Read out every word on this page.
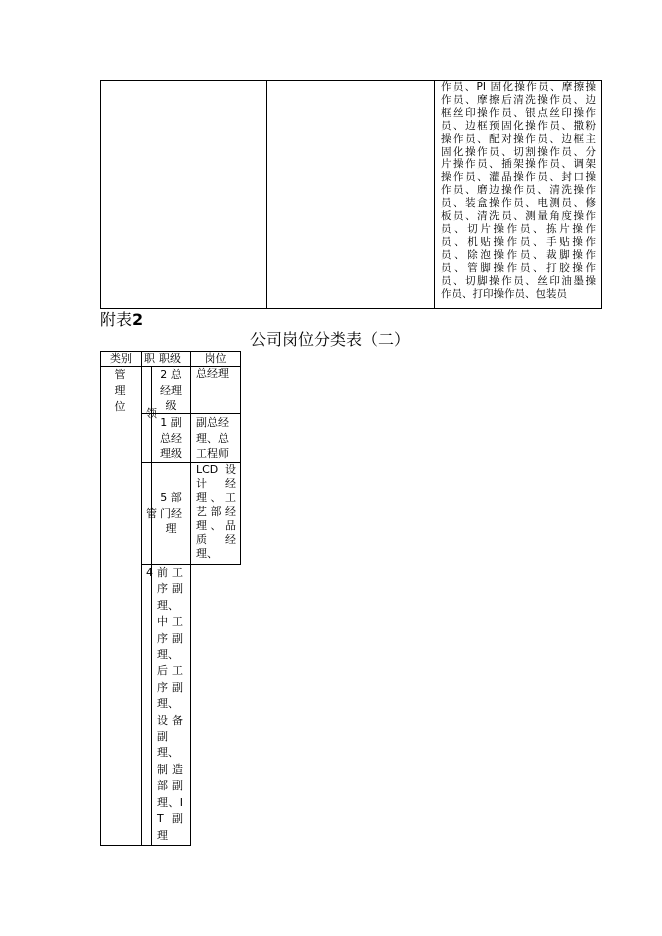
作员、PI 固化操作员、摩擦操
作员、摩擦后清洗操作员、边
框丝印操作员、银点丝印操作
员、边框预固化操作员、撒粉
操作员、配对操作员、边框主
固化操作员、切割操作员、分
片操作员、插架操作员、调架
操作员、灌晶操作员、封口操
作员、磨边操作员、清洗操作
员、装盒操作员、电测员、修
板员、清洗员、测量角度操作
员、切片操作员、拣片操作
员、机贴操作员、手贴操作
员、除泡操作员、裁脚操作
员、管脚操作员、打胶操作
员、切脚操作员、丝印油墨操
作员、打印操作员、包装员
附表2
公司岗位分类表（二）
类别	职 职级	岗位
管理位
领
管
2 总
经理
级
总经理
1 副
总经
理级
副总经
理、总
工程师
5 部
门经
理
LCD 设
计 经
理、工
艺部经
理、品
质 经
理、
4 前 工
序 副
理、
中 工
序 副
理、
后 工
序 副
理、
设 备
副
理、
制 造
部 副
理、I
T 副
理
